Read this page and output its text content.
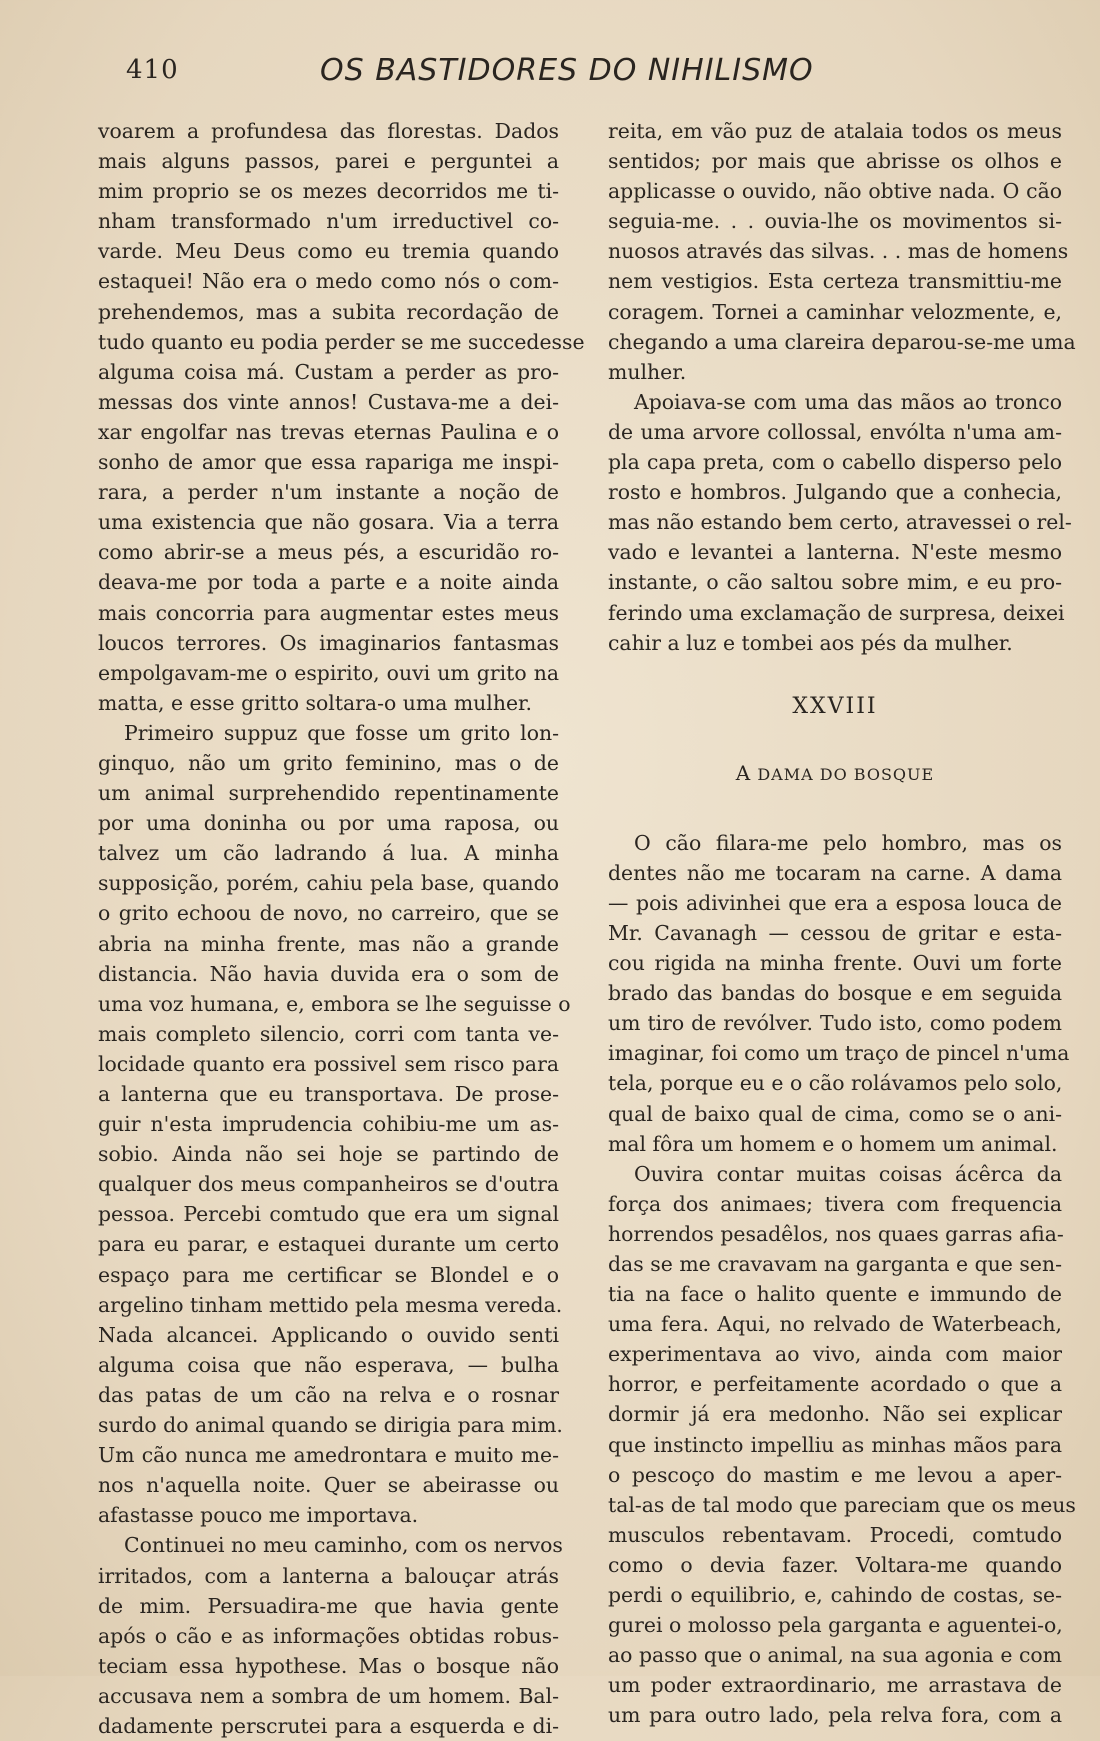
410	OS BASTIDORES DO NIHILISMO
voarem a profundesa das florestas. Dados
mais alguns passos, parei e perguntei a
mim proprio se os mezes decorridos me ti-
nham transformado n'um irreductivel co-
varde. Meu Deus como eu tremia quando
estaquei! Não era o medo como nós o com-
prehendemos, mas a subita recordação de
tudo quanto eu podia perder se me succedesse
alguma coisa má. Custam a perder as pro-
messas dos vinte annos! Custava-me a dei-
xar engolfar nas trevas eternas Paulina e o
sonho de amor que essa rapariga me inspi-
rara, a perder n'um instante a noção de
uma existencia que não gosara. Via a terra
como abrir-se a meus pés, a escuridão ro-
deava-me por toda a parte e a noite ainda
mais concorria para augmentar estes meus
loucos terrores. Os imaginarios fantasmas
empolgavam-me o espirito, ouvi um grito na
matta, e esse gritto soltara-o uma mulher.
Primeiro suppuz que fosse um grito lon-
ginquo, não um grito feminino, mas o de
um animal surprehendido repentinamente
por uma doninha ou por uma raposa, ou
talvez um cão ladrando á lua. A minha
supposição, porém, cahiu pela base, quando
o grito echoou de novo, no carreiro, que se
abria na minha frente, mas não a grande
distancia. Não havia duvida era o som de
uma voz humana, e, embora se lhe seguisse o
mais completo silencio, corri com tanta ve-
locidade quanto era possivel sem risco para
a lanterna que eu transportava. De prose-
guir n'esta imprudencia cohibiu-me um as-
sobio. Ainda não sei hoje se partindo de
qualquer dos meus companheiros se d'outra
pessoa. Percebi comtudo que era um signal
para eu parar, e estaquei durante um certo
espaço para me certificar se Blondel e o
argelino tinham mettido pela mesma vereda.
Nada alcancei. Applicando o ouvido senti
alguma coisa que não esperava, — bulha
das patas de um cão na relva e o rosnar
surdo do animal quando se dirigia para mim.
Um cão nunca me amedrontara e muito me-
nos n'aquella noite. Quer se abeirasse ou
afastasse pouco me importava.
Continuei no meu caminho, com os nervos
irritados, com a lanterna a balouçar atrás
de mim. Persuadira-me que havia gente
após o cão e as informações obtidas robus-
teciam essa hypothese. Mas o bosque não
accusava nem a sombra de um homem. Bal-
dadamente perscrutei para a esquerda e di-
reita, em vão puz de atalaia todos os meus
sentidos; por mais que abrisse os olhos e
applicasse o ouvido, não obtive nada. O cão
seguia-me. . . ouvia-lhe os movimentos si-
nuosos através das silvas. . . mas de homens
nem vestigios. Esta certeza transmittiu-me
coragem. Tornei a caminhar velozmente, e,
chegando a uma clareira deparou-se-me uma
mulher.
Apoiava-se com uma das mãos ao tronco
de uma arvore collossal, envólta n'uma am-
pla capa preta, com o cabello disperso pelo
rosto e hombros. Julgando que a conhecia,
mas não estando bem certo, atravessei o rel-
vado e levantei a lanterna. N'este mesmo
instante, o cão saltou sobre mim, e eu pro-
ferindo uma exclamação de surpresa, deixei
cahir a luz e tombei aos pés da mulher.
XXVIII
A DAMA DO BOSQUE
O cão filara-me pelo hombro, mas os
dentes não me tocaram na carne. A dama
— pois adivinhei que era a esposa louca de
Mr. Cavanagh — cessou de gritar e esta-
cou rigida na minha frente. Ouvi um forte
brado das bandas do bosque e em seguida
um tiro de revólver. Tudo isto, como podem
imaginar, foi como um traço de pincel n'uma
tela, porque eu e o cão rolávamos pelo solo,
qual de baixo qual de cima, como se o ani-
mal fôra um homem e o homem um animal.
Ouvira contar muitas coisas ácêrca da
força dos animaes; tivera com frequencia
horrendos pesadêlos, nos quaes garras afia-
das se me cravavam na garganta e que sen-
tia na face o halito quente e immundo de
uma fera. Aqui, no relvado de Waterbeach,
experimentava ao vivo, ainda com maior
horror, e perfeitamente acordado o que a
dormir já era medonho. Não sei explicar
que instincto impelliu as minhas mãos para
o pescoço do mastim e me levou a aper-
tal-as de tal modo que pareciam que os meus
musculos rebentavam. Procedi, comtudo
como o devia fazer. Voltara-me quando
perdi o equilibrio, e, cahindo de costas, se-
gurei o molosso pela garganta e aguentei-o,
ao passo que o animal, na sua agonia e com
um poder extraordinario, me arrastava de
um para outro lado, pela relva fora, com a
